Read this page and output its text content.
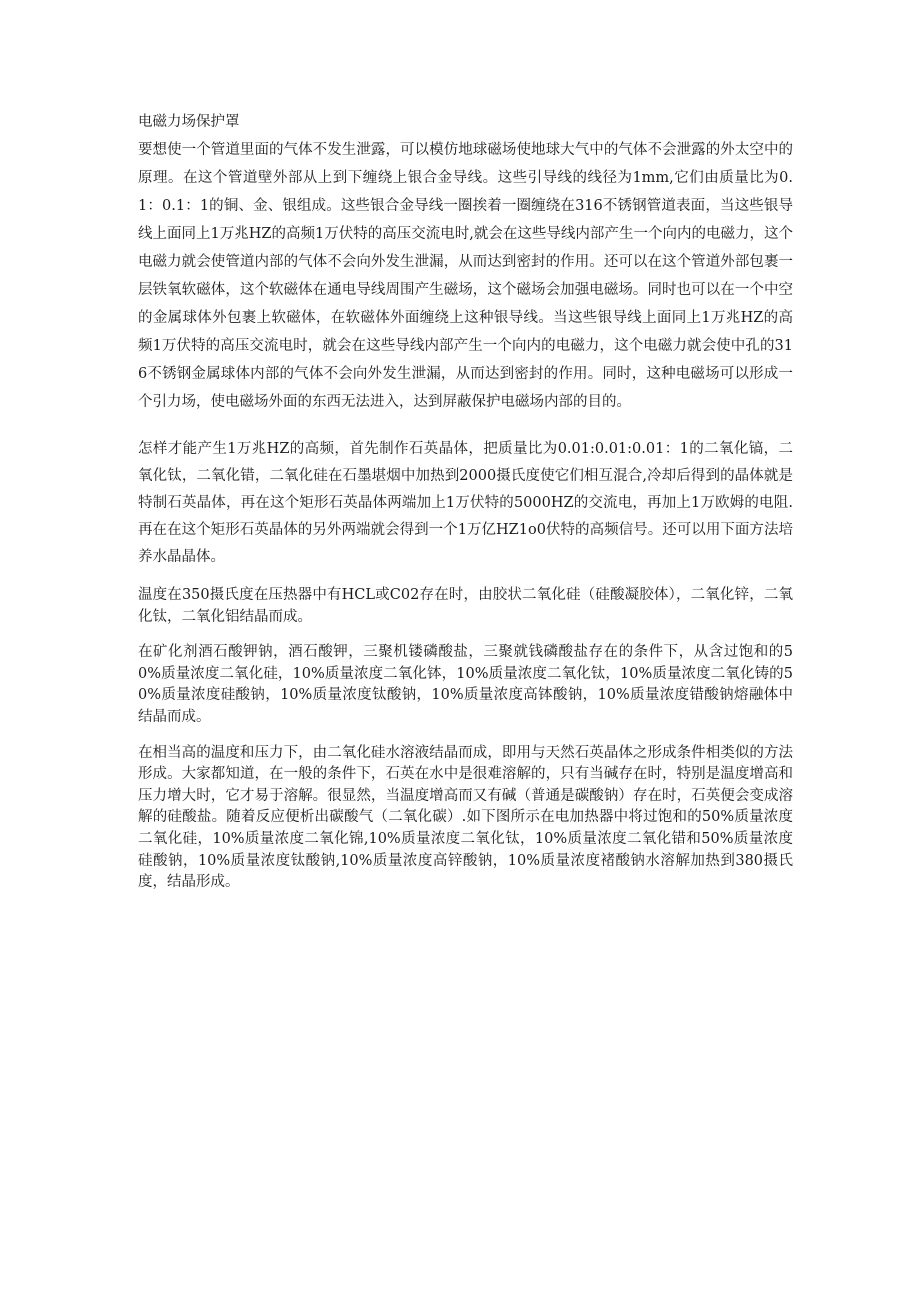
电磁力场保护罩

要想使一个管道里面的气体不发生泄露，可以模仿地球磁场使地球大气中的气体不会泄露的外太空中的原理。在这个管道壁外部从上到下缠绕上银合金导线。这些引导线的线径为1mm,它们由质量比为0.1：0.1：1的铜、金、银组成。这些银合金导线一圈挨着一圈缠绕在316不锈钢管道表面，当这些银导线上面同上1万兆HZ的高频1万伏特的高压交流电时,就会在这些导线内部产生一个向内的电磁力，这个电磁力就会使管道内部的气体不会向外发生泄漏，从而达到密封的作用。还可以在这个管道外部包裹一层铁氧软磁体，这个软磁体在通电导线周围产生磁场，这个磁场会加强电磁场。同时也可以在一个中空的金属球体外包裹上软磁体，在软磁体外面缠绕上这种银导线。当这些银导线上面同上1万兆HZ的高频1万伏特的高压交流电时，就会在这些导线内部产生一个向内的电磁力，这个电磁力就会使中孔的316不锈钢金属球体内部的气体不会向外发生泄漏，从而达到密封的作用。同时，这种电磁场可以形成一个引力场，使电磁场外面的东西无法进入，达到屏蔽保护电磁场内部的目的。

怎样才能产生1万兆HZ的高频，首先制作石英晶体，把质量比为0.01:0.01:0.01：1的二氧化镐，二氧化钛，二氧化错，二氧化硅在石墨堪烟中加热到2000摄氏度使它们相互混合,冷却后得到的晶体就是特制石英晶体，再在这个矩形石英晶体两端加上1万伏特的5000HZ的交流电，再加上1万欧姆的电阻.再在在这个矩形石英晶体的另外两端就会得到一个1万亿HZ1o0伏特的高频信号。还可以用下面方法培养水晶晶体。

温度在350摄氏度在压热器中有HCL或C02存在时，由胶状二氧化硅（硅酸凝胶体），二氧化锌，二氧化钛，二氧化铝结晶而成。

在矿化剂酒石酸钾钠，酒石酸钾，三聚机镂磷酸盐，三聚就钱磷酸盐存在的条件下，从含过饱和的50%质量浓度二氧化硅，10%质量浓度二氧化钵，10%质量浓度二氧化钛，10%质量浓度二氧化铸的50%质量浓度硅酸钠，10%质量浓度钛酸钠，10%质量浓度高钵酸钠，10%质量浓度错酸钠熔融体中结晶而成。

在相当高的温度和压力下，由二氧化硅水溶液结晶而成，即用与天然石英晶体之形成条件相类似的方法形成。大家都知道，在一般的条件下，石英在水中是很难溶解的，只有当碱存在时，特别是温度增高和压力增大时，它才易于溶解。很显然，当温度增高而又有碱（普通是碳酸钠）存在时，石英便会变成溶解的硅酸盐。随着反应便析出碳酸气（二氧化碳）.如下图所示在电加热器中将过饱和的50%质量浓度二氧化硅，10%质量浓度二氧化锦,10%质量浓度二氧化钛，10%质量浓度二氧化错和50%质量浓度硅酸钠，10%质量浓度钛酸钠,10%质量浓度高锌酸钠，10%质量浓度褚酸钠水溶解加热到380摄氏度，结晶形成。
